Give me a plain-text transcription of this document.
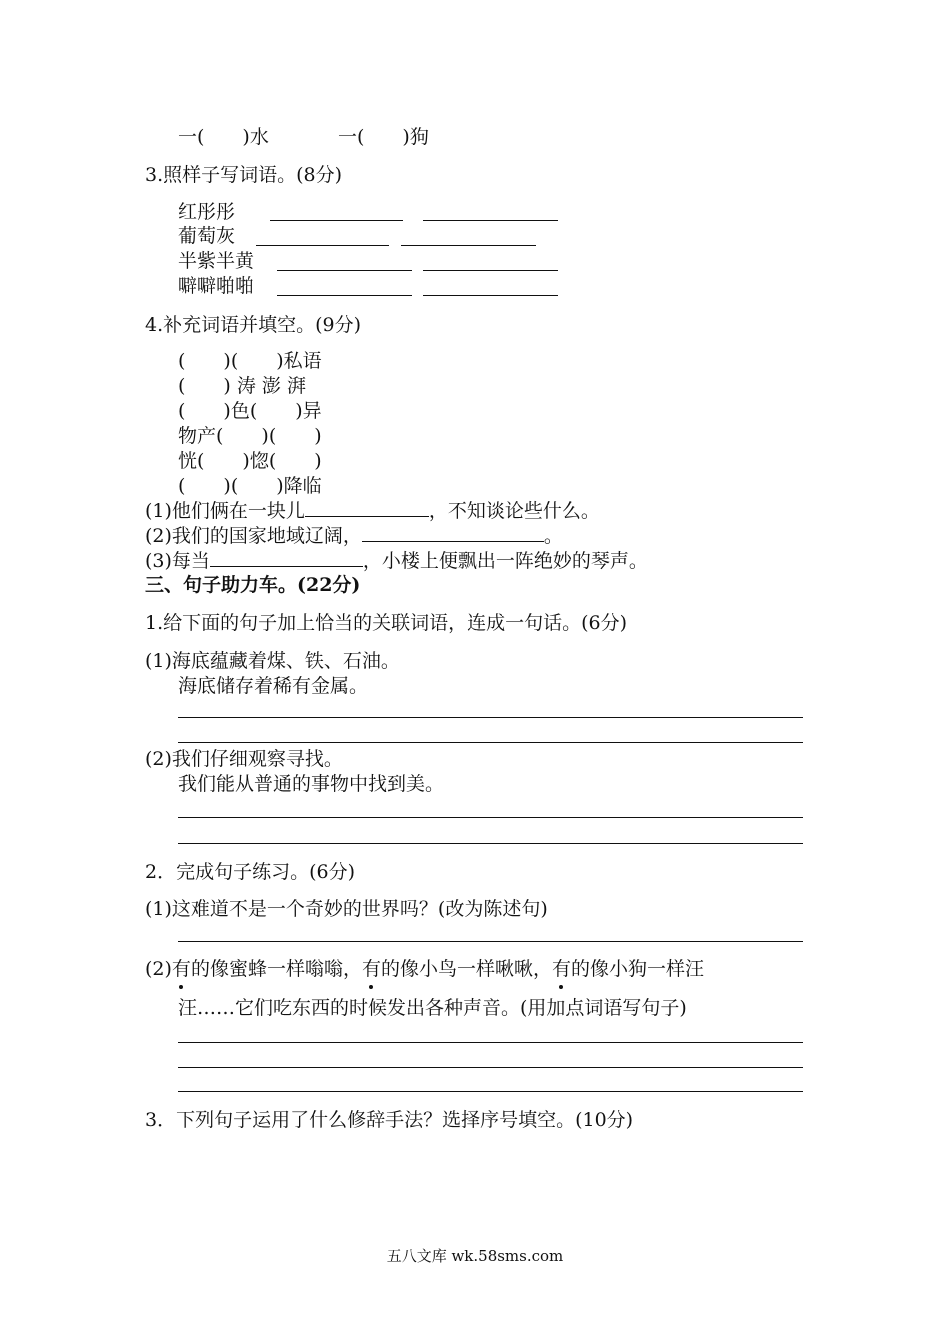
一(　　)水	一(　　)狗
3.照样子写词语。(8分)
红彤彤
葡萄灰
半紫半黄
噼噼啪啪
4.补充词语并填空。(9分)
(　　)(　　)私语
(　　) 涛 澎 湃
(　　)色(　　)异
物产(　　)(　　)
恍(　　)惚(　　)
(　　)(　　)降临
(1)他们俩在一块儿	，不知谈论些什么。
(2)我们的国家地域辽阔，	。
(3)每当	，小楼上便飘出一阵绝妙的琴声。
三、句子助力车。(22分)
1.给下面的句子加上恰当的关联词语，连成一句话。(6分)
(1)海底蕴藏着煤、铁、石油。
海底储存着稀有金属。
(2)我们仔细观察寻找。
我们能从普通的事物中找到美。
2．完成句子练习。(6分)
(1)这难道不是一个奇妙的世界吗？(改为陈述句)
(2)有的像蜜蜂一样嗡嗡，有的像小鸟一样啾啾，有的像小狗一样汪
汪……它们吃东西的时候发出各种声音。(用加点词语写句子)
3．下列句子运用了什么修辞手法？选择序号填空。(10分)
五八文库 wk.58sms.com
